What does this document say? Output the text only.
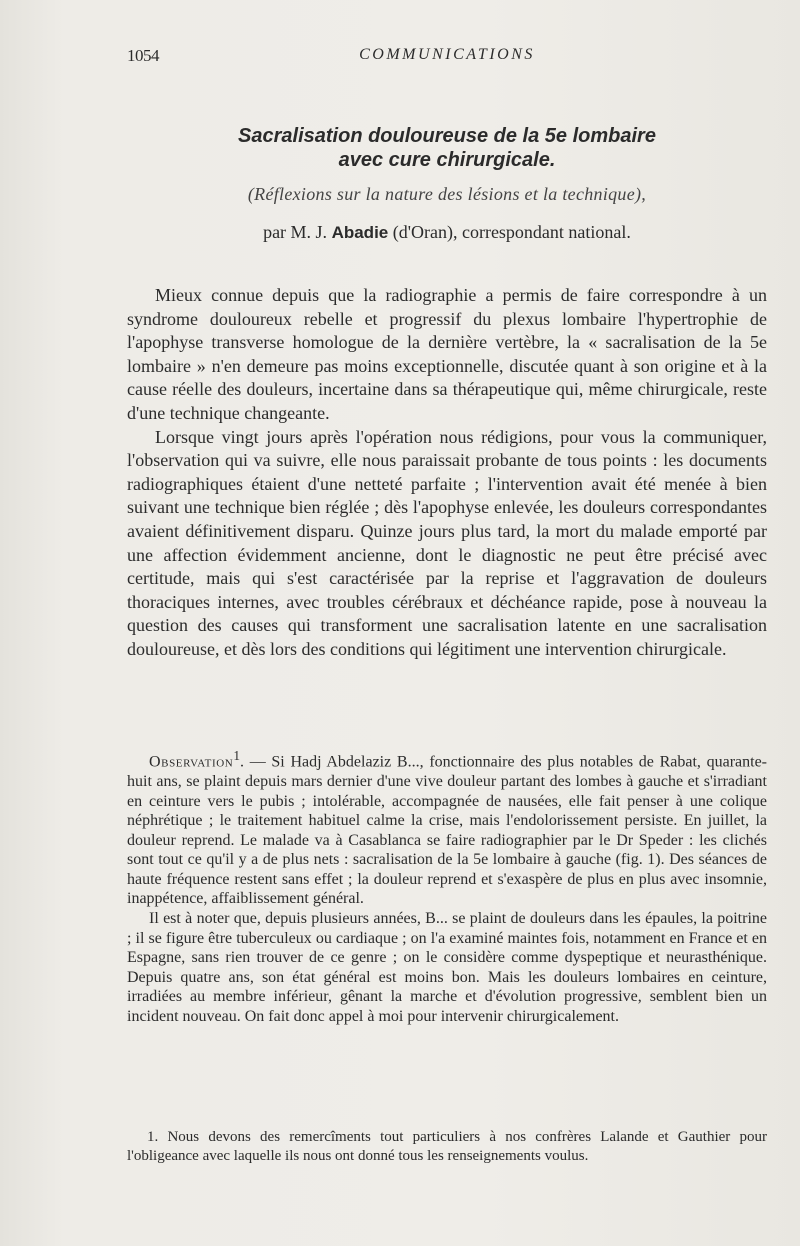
1054	COMMUNICATIONS
Sacralisation douloureuse de la 5e lombaire
avec cure chirurgicale.
(Réflexions sur la nature des lésions et la technique),
par M. J. Abadie (d'Oran), correspondant national.

Mieux connue depuis que la radiographie a permis de faire correspondre à un syndrome douloureux rebelle et progressif du plexus lombaire l'hypertrophie de l'apophyse transverse homologue de la dernière vertèbre, la « sacralisation de la 5e lombaire » n'en demeure pas moins exceptionnelle, discutée quant à son origine et à la cause réelle des douleurs, incertaine dans sa thérapeutique qui, même chirurgicale, reste d'une technique changeante.

Lorsque vingt jours après l'opération nous rédigions, pour vous la communiquer, l'observation qui va suivre, elle nous paraissait probante de tous points : les documents radiographiques étaient d'une netteté parfaite ; l'intervention avait été menée à bien suivant une technique bien réglée ; dès l'apophyse enlevée, les douleurs correspondantes avaient définitivement disparu. Quinze jours plus tard, la mort du malade emporté par une affection évidemment ancienne, dont le diagnostic ne peut être précisé avec certitude, mais qui s'est caractérisée par la reprise et l'aggravation de douleurs thoraciques internes, avec troubles cérébraux et déchéance rapide, pose à nouveau la question des causes qui transforment une sacralisation latente en une sacralisation douloureuse, et dès lors des conditions qui légitiment une intervention chirurgicale.

Observation$^1$. — Si Hadj Abdelaziz B..., fonctionnaire des plus notables de Rabat, quarante-huit ans, se plaint depuis mars dernier d'une vive douleur partant des lombes à gauche et s'irradiant en ceinture vers le pubis ; intolérable, accompagnée de nausées, elle fait penser à une colique néphrétique ; le traitement habituel calme la crise, mais l'endolorissement persiste. En juillet, la douleur reprend. Le malade va à Casablanca se faire radiographier par le Dr Speder : les clichés sont tout ce qu'il y a de plus nets : sacralisation de la 5e lombaire à gauche (fig. 1). Des séances de haute fréquence restent sans effet ; la douleur reprend et s'exaspère de plus en plus avec insomnie, inappétence, affaiblissement général.

Il est à noter que, depuis plusieurs années, B... se plaint de douleurs dans les épaules, la poitrine ; il se figure être tuberculeux ou cardiaque ; on l'a examiné maintes fois, notamment en France et en Espagne, sans rien trouver de ce genre ; on le considère comme dyspeptique et neurasthénique. Depuis quatre ans, son état général est moins bon. Mais les douleurs lombaires en ceinture, irradiées au membre inférieur, gênant la marche et d'évolution progressive, semblent bien un incident nouveau. On fait donc appel à moi pour intervenir chirurgicalement.

1. Nous devons des remercîments tout particuliers à nos confrères Lalande et Gauthier pour l'obligeance avec laquelle ils nous ont donné tous les renseignements voulus.
